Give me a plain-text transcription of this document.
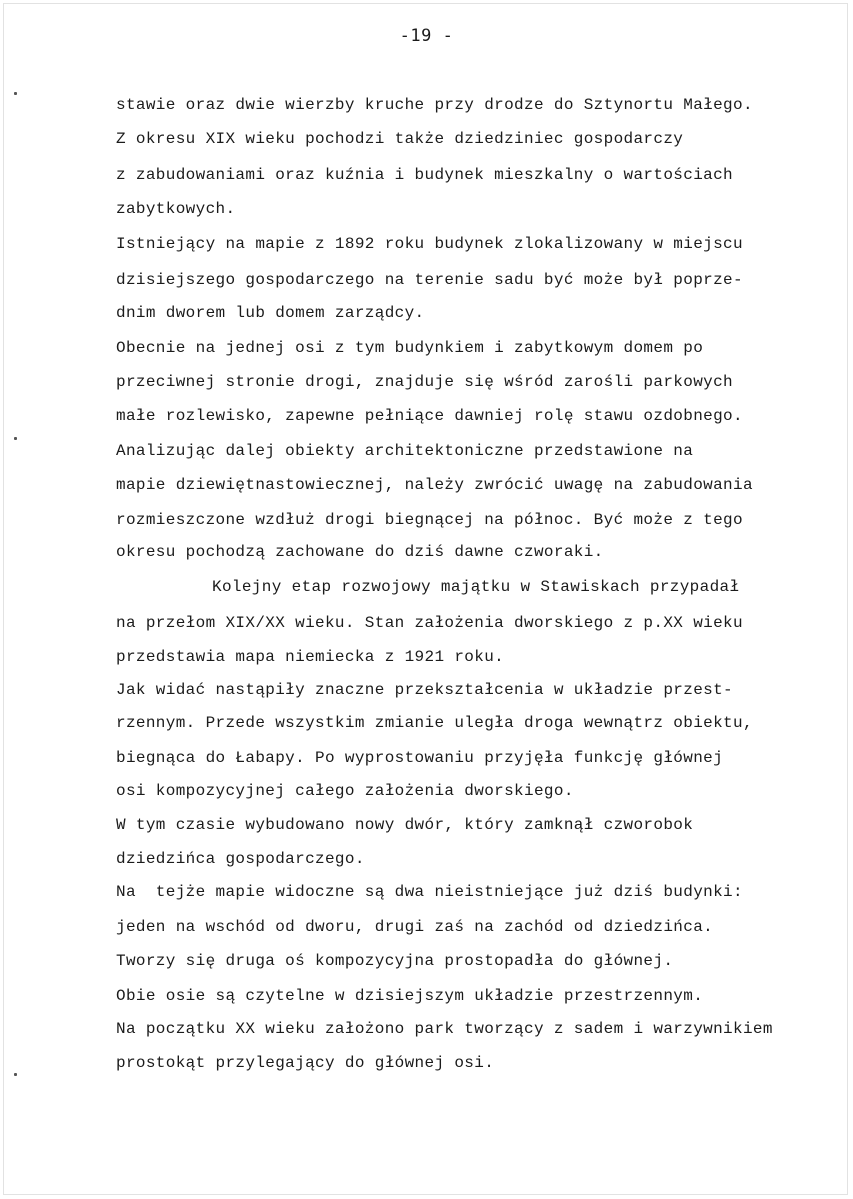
-19 -
stawie oraz dwie wierzby kruche przy drodze do Sztynortu Małego.
Z okresu XIX wieku pochodzi także dziedziniec gospodarczy
z zabudowaniami oraz kuźnia i budynek mieszkalny o wartościach
zabytkowych.
Istniejący na mapie z 1892 roku budynek zlokalizowany w miejscu
dzisiejszego gospodarczego na terenie sadu być może był poprze-
dnim dworem lub domem zarządcy.
Obecnie na jednej osi z tym budynkiem i zabytkowym domem po
przeciwnej stronie drogi, znajduje się wśród zarośli parkowych
małe rozlewisko, zapewne pełniące dawniej rolę stawu ozdobnego.
Analizując dalej obiekty architektoniczne przedstawione na
mapie dziewiętnastowiecznej, należy zwrócić uwagę na zabudowania
rozmieszczone wzdłuż drogi biegnącej na północ. Być może z tego
okresu pochodzą zachowane do dziś dawne czworaki.
Kolejny etap rozwojowy majątku w Stawiskach przypadał
na przełom XIX/XX wieku. Stan założenia dworskiego z p.XX wieku
przedstawia mapa niemiecka z 1921 roku.
Jak widać nastąpiły znaczne przekształcenia w układzie przest-
rzennym. Przede wszystkim zmianie uległa droga wewnątrz obiektu,
biegnąca do Łabapy. Po wyprostowaniu przyjęła funkcję głównej
osi kompozycyjnej całego założenia dworskiego.
W tym czasie wybudowano nowy dwór, który zamknął czworobok
dziedzińca gospodarczego.
Na  tejże mapie widoczne są dwa nieistniejące już dziś budynki:
jeden na wschód od dworu, drugi zaś na zachód od dziedzińca.
Tworzy się druga oś kompozycyjna prostopadła do głównej.
Obie osie są czytelne w dzisiejszym układzie przestrzennym.
Na początku XX wieku założono park tworzący z sadem i warzywnikiem
prostokąt przylegający do głównej osi.
